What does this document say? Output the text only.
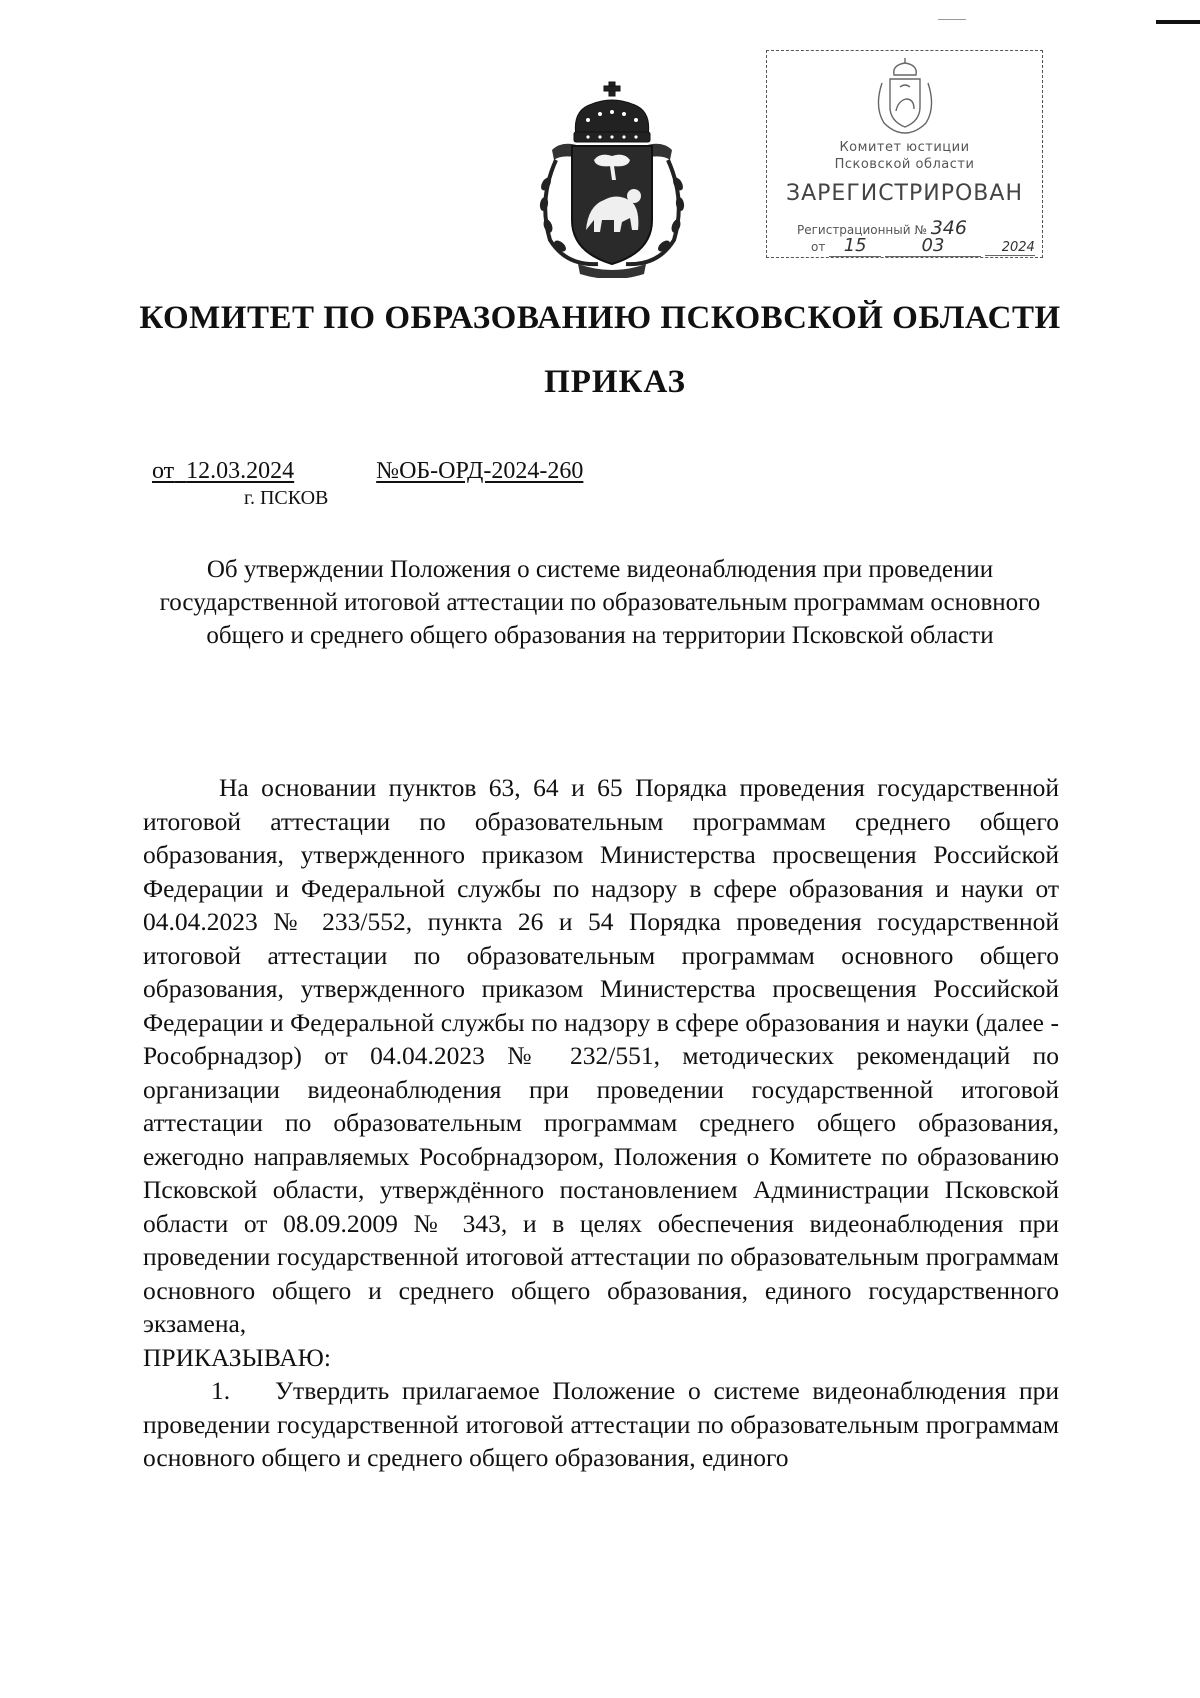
Комитет юстиции
Псковской области
ЗАРЕГИСТРИРОВАН
Регистрационный № 346
от 15	03	2024
КОМИТЕТ ПО ОБРАЗОВАНИЮ ПСКОВСКОЙ ОБЛАСТИ
ПРИКАЗ
от 12.03.2024	№ОБ-ОРД-2024-260
г. ПСКОВ
Об утверждении Положения о системе видеонаблюдения при проведении государственной итоговой аттестации по образовательным программам основного общего и среднего общего образования на территории Псковской области

На основании пунктов 63, 64 и 65 Порядка проведения государственной итоговой аттестации по образовательным программам среднего общего образования, утвержденного приказом Министерства просвещения Российской Федерации и Федеральной службы по надзору в сфере образования и науки от 04.04.2023 № 233/552, пункта 26 и 54 Порядка проведения государственной итоговой аттестации по образовательным программам основного общего образования, утвержденного приказом Министерства просвещения Российской Федерации и Федеральной службы по надзору в сфере образования и науки (далее - Рособрнадзор) от 04.04.2023 № 232/551, методических рекомендаций по организации видеонаблюдения при проведении государственной итоговой аттестации по образовательным программам среднего общего образования, ежегодно направляемых Рособрнадзором, Положения о Комитете по образованию Псковской области, утверждённого постановлением Администрации Псковской области от 08.09.2009 № 343, и в целях обеспечения видеонаблюдения при проведении государственной итоговой аттестации по образовательным программам основного общего и среднего общего образования, единого государственного экзамена,

ПРИКАЗЫВАЮ:

1. Утвердить прилагаемое Положение о системе видеонаблюдения при проведении государственной итоговой аттестации по образовательным программам основного общего и среднего общего образования, единого
